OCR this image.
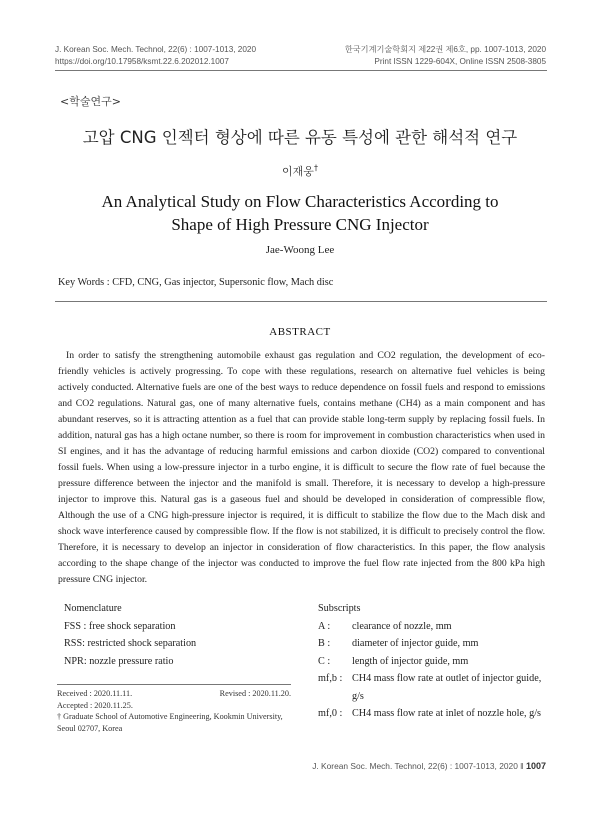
J. Korean Soc. Mech. Technol, 22(6) : 1007-1013, 2020
https://doi.org/10.17958/ksmt.22.6.202012.1007
한국기계기술학회지 제22권 제6호, pp. 1007-1013, 2020
Print ISSN 1229-604X, Online ISSN 2508-3805
<학술연구>
고압 CNG 인젝터 형상에 따른 유동 특성에 관한 해석적 연구
이재웅†
An Analytical Study on Flow Characteristics According to
Shape of High Pressure CNG Injector
Jae-Woong Lee
Key Words : CFD, CNG, Gas injector, Supersonic flow, Mach disc
ABSTRACT

In order to satisfy the strengthening automobile exhaust gas regulation and CO2 regulation, the development of eco-friendly vehicles is actively progressing. To cope with these regulations, research on alternative fuel vehicles is being actively conducted. Alternative fuels are one of the best ways to reduce dependence on fossil fuels and respond to emissions and CO2 regulations. Natural gas, one of many alternative fuels, contains methane (CH4) as a main component and has abundant reserves, so it is attracting attention as a fuel that can provide stable long-term supply by replacing fossil fuels. In addition, natural gas has a high octane number, so there is room for improvement in combustion characteristics when used in SI engines, and it has the advantage of reducing harmful emissions and carbon dioxide (CO2) compared to conventional fossil fuels. When using a low-pressure injector in a turbo engine, it is difficult to secure the flow rate of fuel because the pressure difference between the injector and the manifold is small. Therefore, it is necessary to develop a high-pressure injector to improve this. Natural gas is a gaseous fuel and should be developed in consideration of compressible flow, Although the use of a CNG high-pressure injector is required, it is difficult to stabilize the flow due to the Mach disk and shock wave interference caused by compressible flow. If the flow is not stabilized, it is difficult to precisely control the flow. Therefore, it is necessary to develop an injector in consideration of flow characteristics. In this paper, the flow analysis according to the shape change of the injector was conducted to improve the fuel flow rate injected from the 800 kPa high pressure CNG injector.

Nomenclature
FSS : free shock separation
RSS: restricted shock separation
NPR: nozzle pressure ratio
Subscripts
A :	clearance of nozzle, mm
B :	diameter of injector guide, mm
C :	length of injector guide, mm
mf,b : CH4 mass flow rate at outlet of injector guide, g/s
mf,0 : CH4 mass flow rate at inlet of nozzle hole, g/s
Received : 2020.11.11.	Revised : 2020.11.20.
Accepted : 2020.11.25.
† Graduate School of Automotive Engineering, Kookmin University, Seoul 02707, Korea
J. Korean Soc. Mech. Technol, 22(6) : 1007-1013, 2020 ‖ 1007
